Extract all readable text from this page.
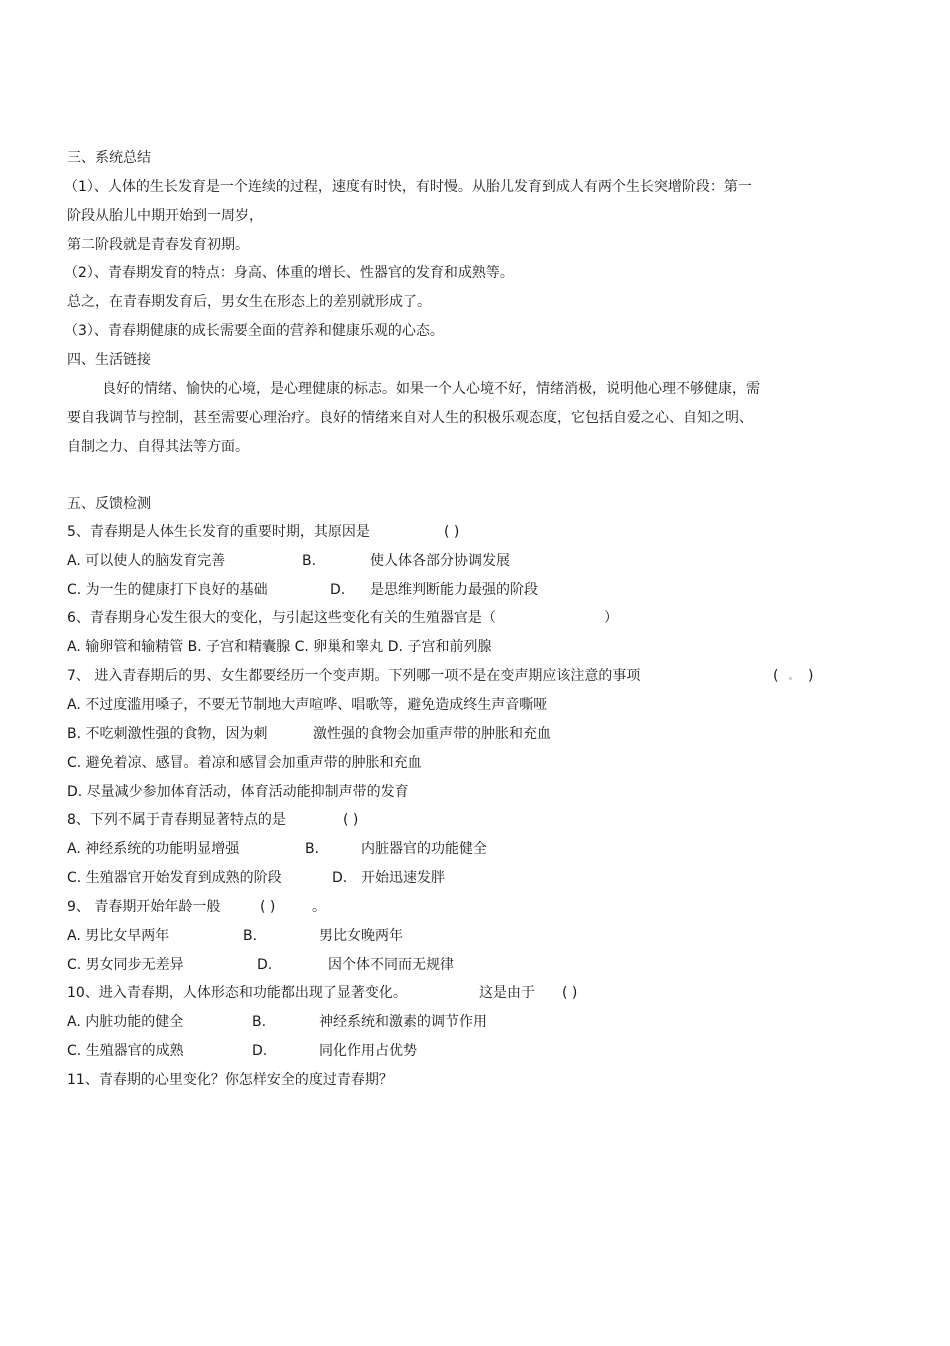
三、系统总结
（1）、人体的生长发育是一个连续的过程，速度有时快，有时慢。从胎儿发育到成人有两个生长突增阶段：第一
阶段从胎儿中期开始到一周岁，
第二阶段就是青春发育初期。
（2）、青春期发育的特点：身高、体重的增长、性器官的发育和成熟等。
总之，在青春期发育后，男女生在形态上的差别就形成了。
（3）、青春期健康的成长需要全面的营养和健康乐观的心态。
四、生活链接
良好的情绪、愉快的心境，是心理健康的标志。如果一个人心境不好，情绪消极，说明他心理不够健康，需
要自我调节与控制，甚至需要心理治疗。良好的情绪来自对人生的积极乐观态度，它包括自爱之心、自知之明、
自制之力、自得其法等方面。
五、反馈检测
5、青春期是人体生长发育的重要时期，其原因是	( )
A. 可以使人的脑发育完善	B.	使人体各部分协调发展
C. 为一生的健康打下良好的基础	D. 是思维判断能力最强的阶段
6、青春期身心发生很大的变化，与引起这些变化有关的生殖器官是（	）
A. 输卵管和输精管 B. 子宫和精囊腺 C. 卵巢和睾丸 D. 子宫和前列腺
7、 进入青春期后的男、女生都要经历一个变声期。下列哪一项不是在变声期应该注意的事项	( )
A. 不过度滥用嗓子，不要无节制地大声喧哗、唱歌等，避免造成终生声音嘶哑
B. 不吃刺激性强的食物，因为刺	激性强的食物会加重声带的肿胀和充血
C. 避免着凉、感冒。着凉和感冒会加重声带的肿胀和充血
D. 尽量减少参加体育活动，体育活动能抑制声带的发育
8、下列不属于青春期显著特点的是	( )
A. 神经系统的功能明显增强	B.	内脏器官的功能健全
C. 生殖器官开始发育到成熟的阶段	D. 开始迅速发胖
9、 青春期开始年龄一般	( )	。
A. 男比女早两年	B.	男比女晚两年
C. 男女同步无差异	D.	因个体不同而无规律
10、进入青春期，人体形态和功能都出现了显著变化。	这是由于 ( )
A. 内脏功能的健全	B.	神经系统和激素的调节作用
C. 生殖器官的成熟	D.	同化作用占优势
11、青春期的心里变化？你怎样安全的度过青春期？
